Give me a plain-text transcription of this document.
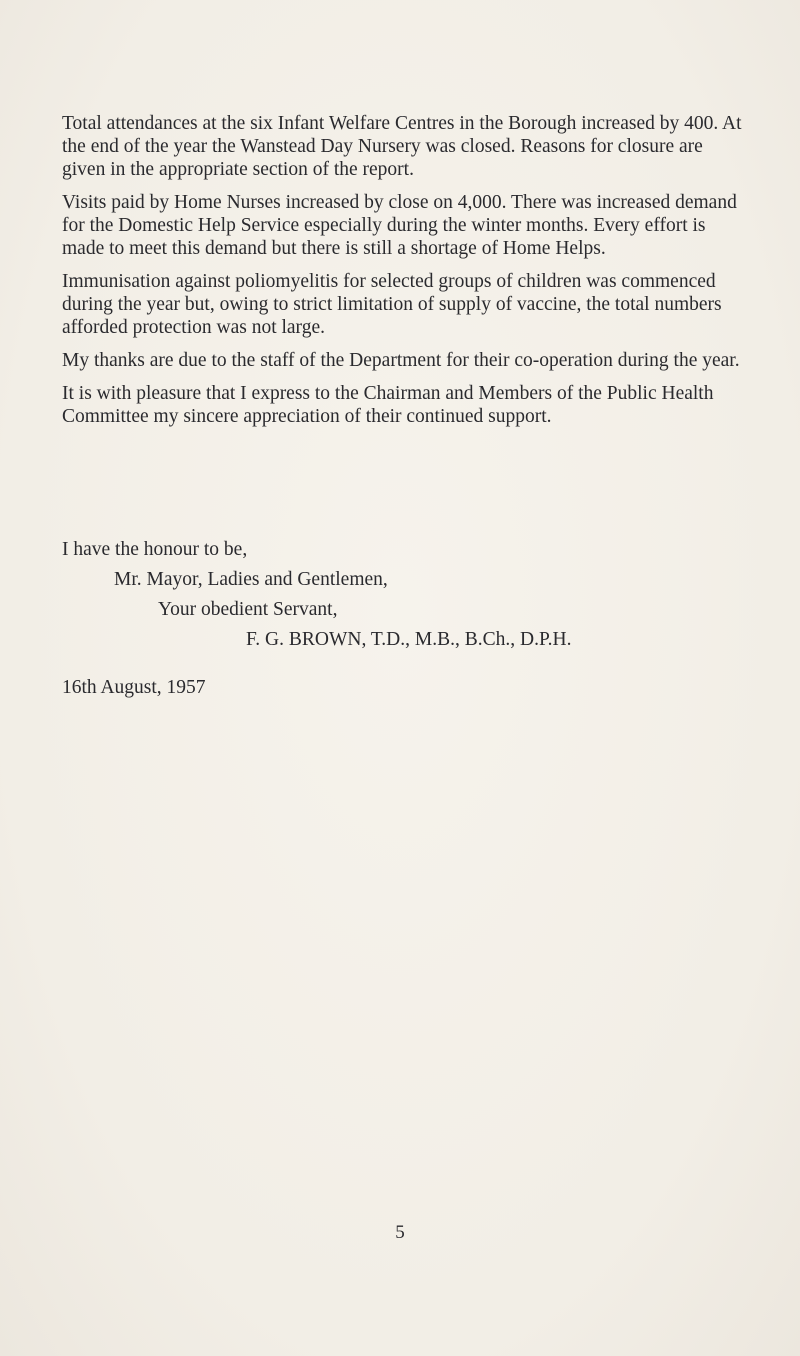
Total attendances at the six Infant Welfare Centres in the Borough increased by 400. At the end of the year the Wanstead Day Nursery was closed. Reasons for closure are given in the appropriate section of the report.

Visits paid by Home Nurses increased by close on 4,000. There was increased demand for the Domestic Help Service especially during the winter months. Every effort is made to meet this demand but there is still a shortage of Home Helps.

Immunisation against poliomyelitis for selected groups of children was commenced during the year but, owing to strict limitation of supply of vaccine, the total numbers afforded protection was not large.

My thanks are due to the staff of the Department for their co-operation during the year.

It is with pleasure that I express to the Chairman and Members of the Public Health Committee my sincere appreciation of their continued support.

I have the honour to be,
Mr. Mayor, Ladies and Gentlemen,
Your obedient Servant,
F. G. BROWN, T.D., M.B., B.Ch., D.P.H.
16th August, 1957
5
